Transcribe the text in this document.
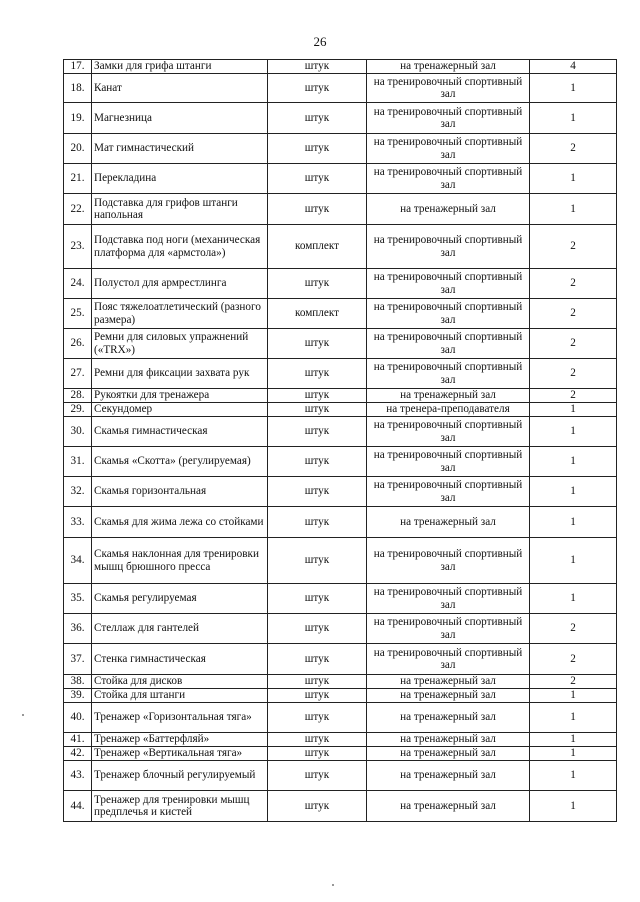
26
17.	Замки для грифа штанги	штук	на тренажерный зал	4
18.	Канат	штук	на тренировочный спортивный зал	1
19.	Магнезница	штук	на тренировочный спортивный зал	1
20.	Мат гимнастический	штук	на тренировочный спортивный зал	2
21.	Перекладина	штук	на тренировочный спортивный зал	1
22.	Подставка для грифов штанги напольная	штук	на тренажерный зал	1
23.	Подставка под ноги (механическая платформа для «армстола»)	комплект	на тренировочный спортивный зал	2
24.	Полустол для армрестлинга	штук	на тренировочный спортивный зал	2
25.	Пояс тяжелоатлетический (разного размера)	комплект	на тренировочный спортивный зал	2
26.	Ремни для силовых упражнений («TRX»)	штук	на тренировочный спортивный зал	2
27.	Ремни для фиксации захвата рук	штук	на тренировочный спортивный зал	2
28.	Рукоятки для тренажера	штук	на тренажерный зал	2
29.	Секундомер	штук	на тренера-преподавателя	1
30.	Скамья гимнастическая	штук	на тренировочный спортивный зал	1
31.	Скамья «Скотта» (регулируемая)	штук	на тренировочный спортивный зал	1
32.	Скамья горизонтальная	штук	на тренировочный спортивный зал	1
33.	Скамья для жима лежа со стойками	штук	на тренажерный зал	1
34.	Скамья наклонная для тренировки мышц брюшного пресса	штук	на тренировочный спортивный зал	1
35.	Скамья регулируемая	штук	на тренировочный спортивный зал	1
36.	Стеллаж для гантелей	штук	на тренировочный спортивный зал	2
37.	Стенка гимнастическая	штук	на тренировочный спортивный зал	2
38.	Стойка для дисков	штук	на тренажерный зал	2
39.	Стойка для штанги	штук	на тренажерный зал	1
40.	Тренажер «Горизонтальная тяга»	штук	на тренажерный зал	1
41.	Тренажер «Баттерфляй»	штук	на тренажерный зал	1
42.	Тренажер «Вертикальная тяга»	штук	на тренажерный зал	1
43.	Тренажер блочный регулируемый	штук	на тренажерный зал	1
44.	Тренажер для тренировки мышц предплечья и кистей	штук	на тренажерный зал	1
